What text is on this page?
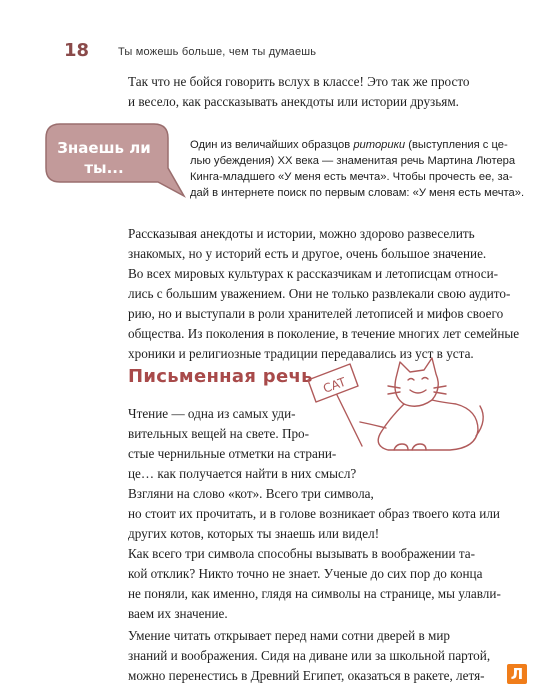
18	Ты можешь больше, чем ты думаешь

Так что не бойся говорить вслух в классе! Это так же просто
и весело, как рассказывать анекдоты или истории друзьям.

Знаешь ли
ты...
Один из величайших образцов риторики (выступления с це-
лью убеждения) XX века — знаменитая речь Мартина Лютера
Кинга-младшего «У меня есть мечта». Чтобы прочесть ее, за-
дай в интернете поиск по первым словам: «У меня есть мечта».

Рассказывая анекдоты и истории, можно здорово развеселить
знакомых, но у историй есть и другое, очень большое значение.
Во всех мировых культурах к рассказчикам и летописцам относи-
лись с большим уважением. Они не только развлекали свою аудито-
рию, но и выступали в роли хранителей летописей и мифов своего
общества. Из поколения в поколение, в течение многих лет семейные
хроники и религиозные традиции передавались из уст в уста.

Письменная речь CAT

Чтение — одна из самых уди-
вительных вещей на свете. Про-
стые чернильные отметки на страни-
це… как получается найти в них смысл?
Взгляни на слово «кот». Всего три символа,
но стоит их прочитать, и в голове возникает образ твоего кота или
других котов, которых ты знаешь или видел!

Как всего три символа способны вызывать в воображении та-
кой отклик? Никто точно не знает. Ученые до сих пор до конца
не поняли, как именно, глядя на символы на странице, мы улавли-
ваем их значение.

Умение читать открывает перед нами сотни дверей в мир
знаний и воображения. Сидя на диване или за школьной партой,
можно перенестись в Древний Египет, оказаться в ракете, летя- Л
